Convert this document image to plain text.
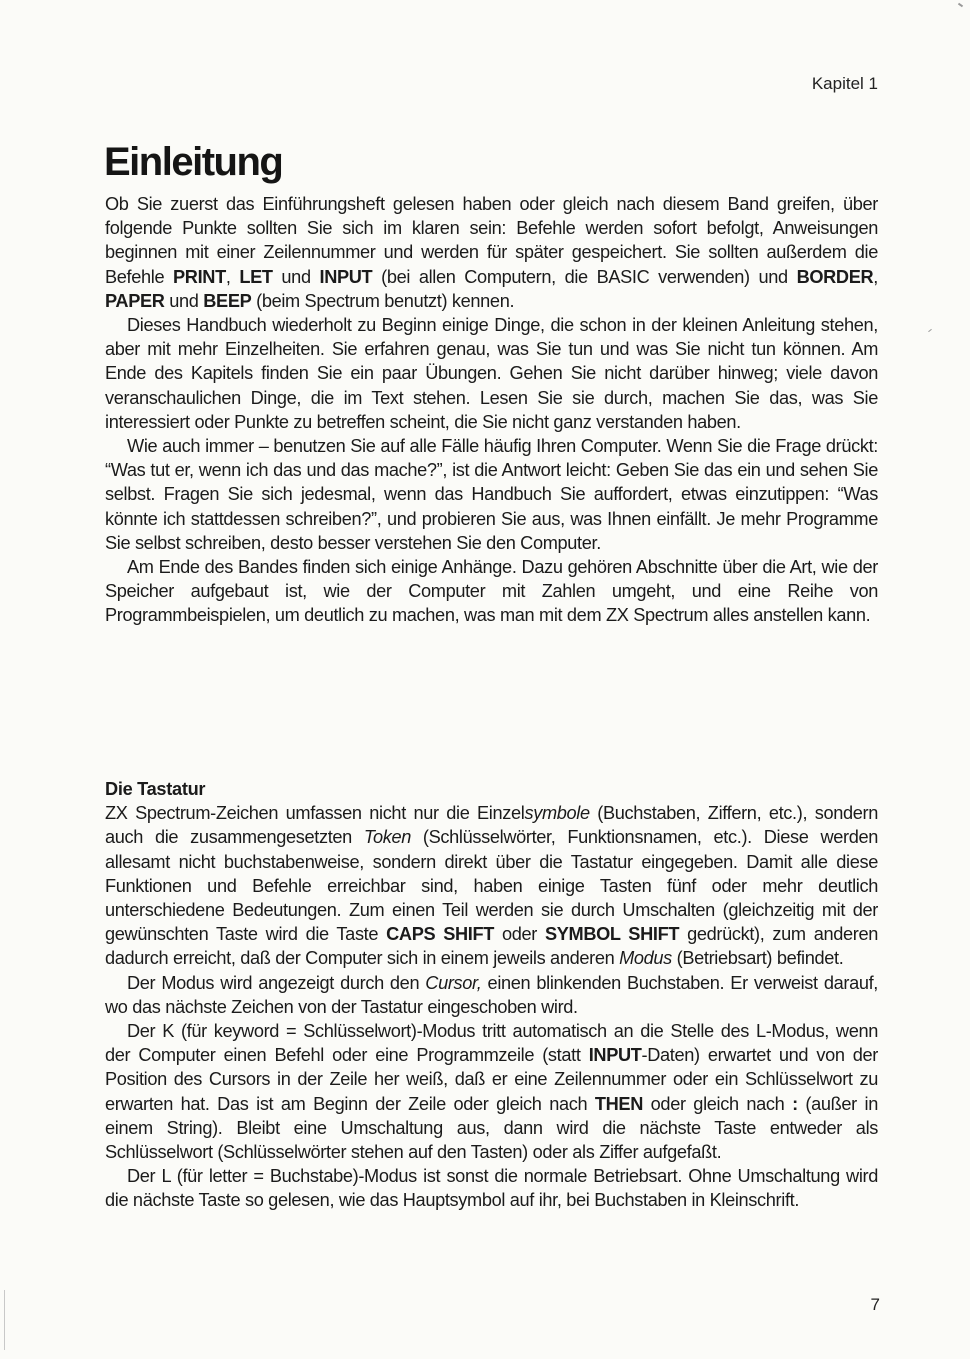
Kapitel 1
Einleitung

Ob Sie zuerst das Einführungsheft gelesen haben oder gleich nach diesem Band greifen, über folgende Punkte sollten Sie sich im klaren sein: Befehle werden sofort befolgt, Anweisungen beginnen mit einer Zeilennummer und werden für später gespeichert. Sie sollten außerdem die Befehle PRINT, LET und INPUT (bei allen Computern, die BASIC verwenden) und BORDER, PAPER und BEEP (beim Spectrum benutzt) kennen.

Dieses Handbuch wiederholt zu Beginn einige Dinge, die schon in der kleinen Anleitung stehen, aber mit mehr Einzelheiten. Sie erfahren genau, was Sie tun und was Sie nicht tun können. Am Ende des Kapitels finden Sie ein paar Übungen. Gehen Sie nicht darüber hinweg; viele davon veranschaulichen Dinge, die im Text stehen. Lesen Sie sie durch, machen Sie das, was Sie interessiert oder Punkte zu betreffen scheint, die Sie nicht ganz verstanden haben.

Wie auch immer – benutzen Sie auf alle Fälle häufig Ihren Computer. Wenn Sie die Frage drückt: “Was tut er, wenn ich das und das mache?”, ist die Antwort leicht: Geben Sie das ein und sehen Sie selbst. Fragen Sie sich jedesmal, wenn das Handbuch Sie auffordert, etwas einzutippen: “Was könnte ich stattdessen schreiben?”, und probieren Sie aus, was Ihnen einfällt. Je mehr Programme Sie selbst schreiben, desto besser verstehen Sie den Computer.

Am Ende des Bandes finden sich einige Anhänge. Dazu gehören Abschnitte über die Art, wie der Speicher aufgebaut ist, wie der Computer mit Zahlen umgeht, und eine Reihe von Programmbeispielen, um deutlich zu machen, was man mit dem ZX Spectrum alles anstellen kann.

Die Tastatur

ZX Spectrum-Zeichen umfassen nicht nur die Einzelsymbole (Buchstaben, Ziffern, etc.), sondern auch die zusammengesetzten Token (Schlüsselwörter, Funktionsnamen, etc.). Diese werden allesamt nicht buchstabenweise, sondern direkt über die Tastatur eingegeben. Damit alle diese Funktionen und Befehle erreichbar sind, haben einige Tasten fünf oder mehr deutlich unterschiedene Bedeutungen. Zum einen Teil werden sie durch Umschalten (gleichzeitig mit der gewünschten Taste wird die Taste CAPS SHIFT oder SYMBOL SHIFT gedrückt), zum anderen dadurch erreicht, daß der Computer sich in einem jeweils anderen Modus (Betriebsart) befindet.

Der Modus wird angezeigt durch den Cursor, einen blinkenden Buchstaben. Er verweist darauf, wo das nächste Zeichen von der Tastatur eingeschoben wird.

Der K (für keyword = Schlüsselwort)-Modus tritt automatisch an die Stelle des L-Modus, wenn der Computer einen Befehl oder eine Programmzeile (statt INPUT-Daten) erwartet und von der Position des Cursors in der Zeile her weiß, daß er eine Zeilennummer oder ein Schlüsselwort zu erwarten hat. Das ist am Beginn der Zeile oder gleich nach THEN oder gleich nach : (außer in einem String). Bleibt eine Umschaltung aus, dann wird die nächste Taste entweder als Schlüsselwort (Schlüsselwörter stehen auf den Tasten) oder als Ziffer aufgefaßt.

Der L (für letter = Buchstabe)-Modus ist sonst die normale Betriebsart. Ohne Umschaltung wird die nächste Taste so gelesen, wie das Hauptsymbol auf ihr, bei Buchstaben in Kleinschrift.

7
